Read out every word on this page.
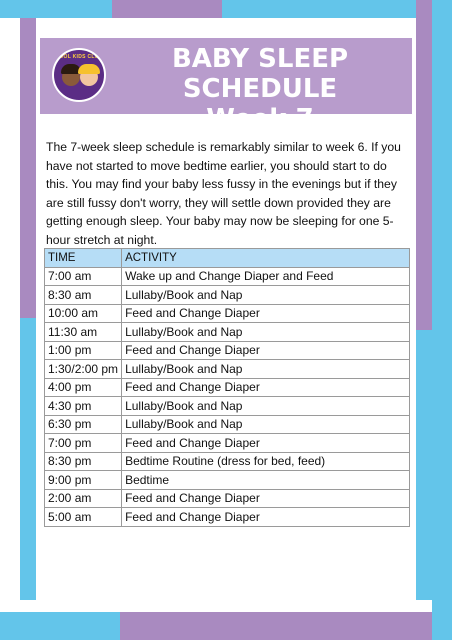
COOL KIDS CLUB	BABY SLEEP SCHEDULE
Week 7

The 7-week sleep schedule is remarkably similar to week 6. If you have not started to move bedtime earlier, you should start to do this. You may find your baby less fussy in the evenings but if they are still fussy don't worry, they will settle down provided they are getting enough sleep. Your baby may now be sleeping for one 5-hour stretch at night.

TIME	ACTIVITY
7:00 am	Wake up and Change Diaper and Feed
8:30 am	Lullaby/Book and Nap
10:00 am	Feed and Change Diaper
11:30 am	Lullaby/Book and Nap
1:00 pm	Feed and Change Diaper
1:30/2:00 pm	Lullaby/Book and Nap
4:00 pm	Feed and Change Diaper
4:30 pm	Lullaby/Book and Nap
6:30 pm	Lullaby/Book and Nap
7:00 pm	Feed and Change Diaper
8:30 pm	Bedtime Routine (dress for bed, feed)
9:00 pm	Bedtime
2:00 am	Feed and Change Diaper
5:00 am	Feed and Change Diaper
